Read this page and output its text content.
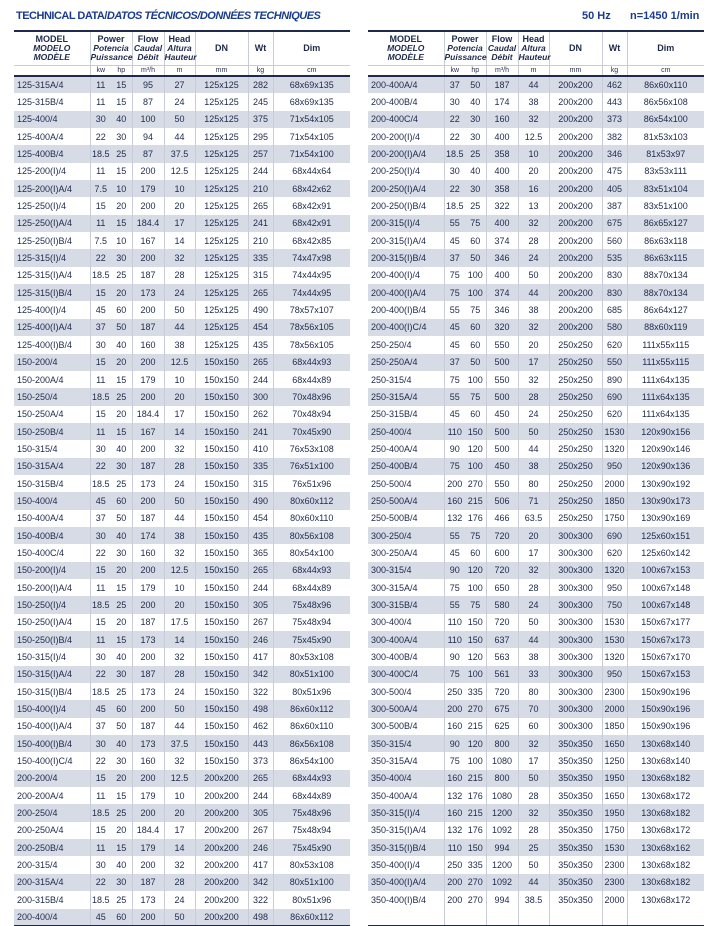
TECHNICAL DATA/DATOS TÉCNICOS/DONNÉES TECHNIQUES	50 Hz n=1450 1/min
MODEL
MODELO
MODÈLE	Power
Potencia
Puissance		Flow
Caudal
Débit	Head
Altura
Hauteur	DN	Wt	Dim
	kw	hp	m³/h	m	mm	kg	cm
125-315A/4	11	15	95	27	125x125	282	68x69x135
125-315B/4	11	15	87	24	125x125	245	68x69x135
125-400/4	30	40	100	50	125x125	375	71x54x105
125-400A/4	22	30	94	44	125x125	295	71x54x105
125-400B/4	18.5	25	87	37.5	125x125	257	71x54x100
125-200(I)/4	11	15	200	12.5	125x125	244	68x44x64
125-200(I)A/4	7.5	10	179	10	125x125	210	68x42x62
125-250(I)/4	15	20	200	20	125x125	265	68x42x91
125-250(I)A/4	11	15	184.4	17	125x125	241	68x42x91
125-250(I)B/4	7.5	10	167	14	125x125	210	68x42x85
125-315(I)/4	22	30	200	32	125x125	335	74x47x98
125-315(I)A/4	18.5	25	187	28	125x125	315	74x44x95
125-315(I)B/4	15	20	173	24	125x125	265	74x44x95
125-400(I)/4	45	60	200	50	125x125	490	78x57x107
125-400(I)A/4	37	50	187	44	125x125	454	78x56x105
125-400(I)B/4	30	40	160	38	125x125	435	78x56x105
150-200/4	15	20	200	12.5	150x150	265	68x44x93
150-200A/4	11	15	179	10	150x150	244	68x44x89
150-250/4	18.5	25	200	20	150x150	300	70x48x96
150-250A/4	15	20	184.4	17	150x150	262	70x48x94
150-250B/4	11	15	167	14	150x150	241	70x45x90
150-315/4	30	40	200	32	150x150	410	76x53x108
150-315A/4	22	30	187	28	150x150	335	76x51x100
150-315B/4	18.5	25	173	24	150x150	315	76x51x96
150-400/4	45	60	200	50	150x150	490	80x60x112
150-400A/4	37	50	187	44	150x150	454	80x60x110
150-400B/4	30	40	174	38	150x150	435	80x56x108
150-400C/4	22	30	160	32	150x150	365	80x54x100
150-200(I)/4	15	20	200	12.5	150x150	265	68x44x93
150-200(I)A/4	11	15	179	10	150x150	244	68x44x89
150-250(I)/4	18.5	25	200	20	150x150	305	75x48x96
150-250(I)A/4	15	20	187	17.5	150x150	267	75x48x94
150-250(I)B/4	11	15	173	14	150x150	246	75x45x90
150-315(I)/4	30	40	200	32	150x150	417	80x53x108
150-315(I)A/4	22	30	187	28	150x150	342	80x51x100
150-315(I)B/4	18.5	25	173	24	150x150	322	80x51x96
150-400(I)/4	45	60	200	50	150x150	498	86x60x112
150-400(I)A/4	37	50	187	44	150x150	462	86x60x110
150-400(I)B/4	30	40	173	37.5	150x150	443	86x56x108
150-400(I)C/4	22	30	160	32	150x150	373	86x54x100
200-200/4	15	20	200	12.5	200x200	265	68x44x93
200-200A/4	11	15	179	10	200x200	244	68x44x89
200-250/4	18.5	25	200	20	200x200	305	75x48x96
200-250A/4	15	20	184.4	17	200x200	267	75x48x94
200-250B/4	11	15	179	14	200x200	246	75x45x90
200-315/4	30	40	200	32	200x200	417	80x53x108
200-315A/4	22	30	187	28	200x200	342	80x51x100
200-315B/4	18.5	25	173	24	200x200	322	80x51x96
200-400/4	45	60	200	50	200x200	498	86x60x112
MODEL
MODELO
MODÈLE	Power
Potencia
Puissance		Flow
Caudal
Débit	Head
Altura
Hauteur	DN	Wt	Dim
	kw	hp	m³/h	m	mm	kg	cm
200-400A/4	37	50	187	44	200x200	462	86x60x110
200-400B/4	30	40	174	38	200x200	443	86x56x108
200-400C/4	22	30	160	32	200x200	373	86x54x100
200-200(I)/4	22	30	400	12.5	200x200	382	81x53x103
200-200(I)A/4	18.5	25	358	10	200x200	346	81x53x97
200-250(I)/4	30	40	400	20	200x200	475	83x53x111
200-250(I)A/4	22	30	358	16	200x200	405	83x51x104
200-250(I)B/4	18.5	25	322	13	200x200	387	83x51x100
200-315(I)/4	55	75	400	32	200x200	675	86x65x127
200-315(I)A/4	45	60	374	28	200x200	560	86x63x118
200-315(I)B/4	37	50	346	24	200x200	535	86x63x115
200-400(I)/4	75	100	400	50	200x200	830	88x70x134
200-400(I)A/4	75	100	374	44	200x200	830	88x70x134
200-400(I)B/4	55	75	346	38	200x200	685	86x64x127
200-400(I)C/4	45	60	320	32	200x200	580	88x60x119
250-250/4	45	60	550	20	250x250	620	111x55x115
250-250A/4	37	50	500	17	250x250	550	111x55x115
250-315/4	75	100	550	32	250x250	890	111x64x135
250-315A/4	55	75	500	28	250x250	690	111x64x135
250-315B/4	45	60	450	24	250x250	620	111x64x135
250-400/4	110	150	500	50	250x250	1530	120x90x156
250-400A/4	90	120	500	44	250x250	1320	120x90x146
250-400B/4	75	100	450	38	250x250	950	120x90x136
250-500/4	200	270	550	80	250x250	2000	130x90x192
250-500A/4	160	215	506	71	250x250	1850	130x90x173
250-500B/4	132	176	466	63.5	250x250	1750	130x90x169
300-250/4	55	75	720	20	300x300	690	125x60x151
300-250A/4	45	60	600	17	300x300	620	125x60x142
300-315/4	90	120	720	32	300x300	1320	100x67x153
300-315A/4	75	100	650	28	300x300	950	100x67x148
300-315B/4	55	75	580	24	300x300	750	100x67x148
300-400/4	110	150	720	50	300x300	1530	150x67x177
300-400A/4	110	150	637	44	300x300	1530	150x67x173
300-400B/4	90	120	563	38	300x300	1320	150x67x170
300-400C/4	75	100	561	33	300x300	950	150x67x153
300-500/4	250	335	720	80	300x300	2300	150x90x196
300-500A/4	200	270	675	70	300x300	2000	150x90x196
300-500B/4	160	215	625	60	300x300	1850	150x90x196
350-315/4	90	120	800	32	350x350	1650	130x68x140
350-315A/4	75	100	1080	17	350x350	1250	130x68x140
350-400/4	160	215	800	50	350x350	1950	130x68x182
350-400A/4	132	176	1080	28	350x350	1650	130x68x172
350-315(I)/4	160	215	1200	32	350x350	1950	130x68x182
350-315(I)A/4	132	176	1092	28	350x350	1750	130x68x172
350-315(I)B/4	110	150	994	25	350x350	1530	130x68x162
350-400(I)/4	250	335	1200	50	350x350	2300	130x68x182
350-400(I)A/4	200	270	1092	44	350x350	2300	130x68x182
350-400(I)B/4	200	270	994	38.5	350x350	2000	130x68x172
